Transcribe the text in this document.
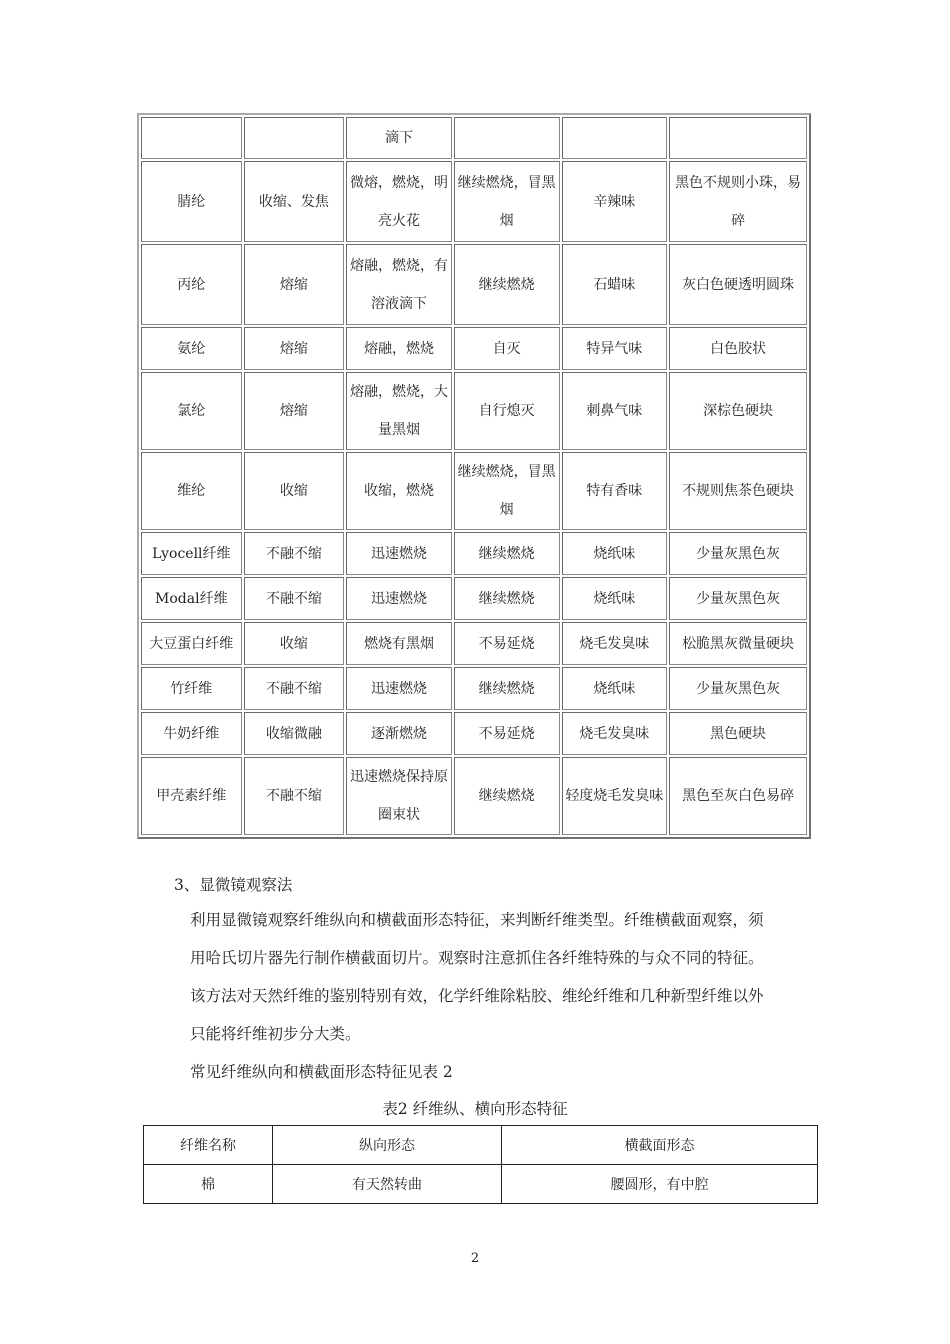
		滴下			
腈纶	收缩、发焦	微熔，燃烧，明亮火花	继续燃烧，冒黑烟	辛辣味	黑色不规则小珠，易碎
丙纶	熔缩	熔融，燃烧，有溶液滴下	继续燃烧	石蜡味	灰白色硬透明圆珠
氨纶	熔缩	熔融，燃烧	自灭	特异气味	白色胶状
氯纶	熔缩	熔融，燃烧，大量黑烟	自行熄灭	刺鼻气味	深棕色硬块
维纶	收缩	收缩，燃烧	继续燃烧，冒黑烟	特有香味	不规则焦茶色硬块
Lyocell纤维	不融不缩	迅速燃烧	继续燃烧	烧纸味	少量灰黑色灰
Modal纤维	不融不缩	迅速燃烧	继续燃烧	烧纸味	少量灰黑色灰
大豆蛋白纤维	收缩	燃烧有黑烟	不易延烧	烧毛发臭味	松脆黑灰微量硬块
竹纤维	不融不缩	迅速燃烧	继续燃烧	烧纸味	少量灰黑色灰
牛奶纤维	收缩微融	逐渐燃烧	不易延烧	烧毛发臭味	黑色硬块
甲壳素纤维	不融不缩	迅速燃烧保持原圈束状	继续燃烧	轻度烧毛发臭味	黑色至灰白色易碎

3、显微镜观察法

利用显微镜观察纤维纵向和横截面形态特征，来判断纤维类型。纤维横截面观察，须

用哈氏切片器先行制作横截面切片。观察时注意抓住各纤维特殊的与众不同的特征。

该方法对天然纤维的鉴别特别有效，化学纤维除粘胶、维纶纤维和几种新型纤维以外

只能将纤维初步分大类。

常见纤维纵向和横截面形态特征见表 2

表2 纤维纵、横向形态特征

纤维名称	纵向形态	横截面形态
棉	有天然转曲	腰圆形，有中腔
2
